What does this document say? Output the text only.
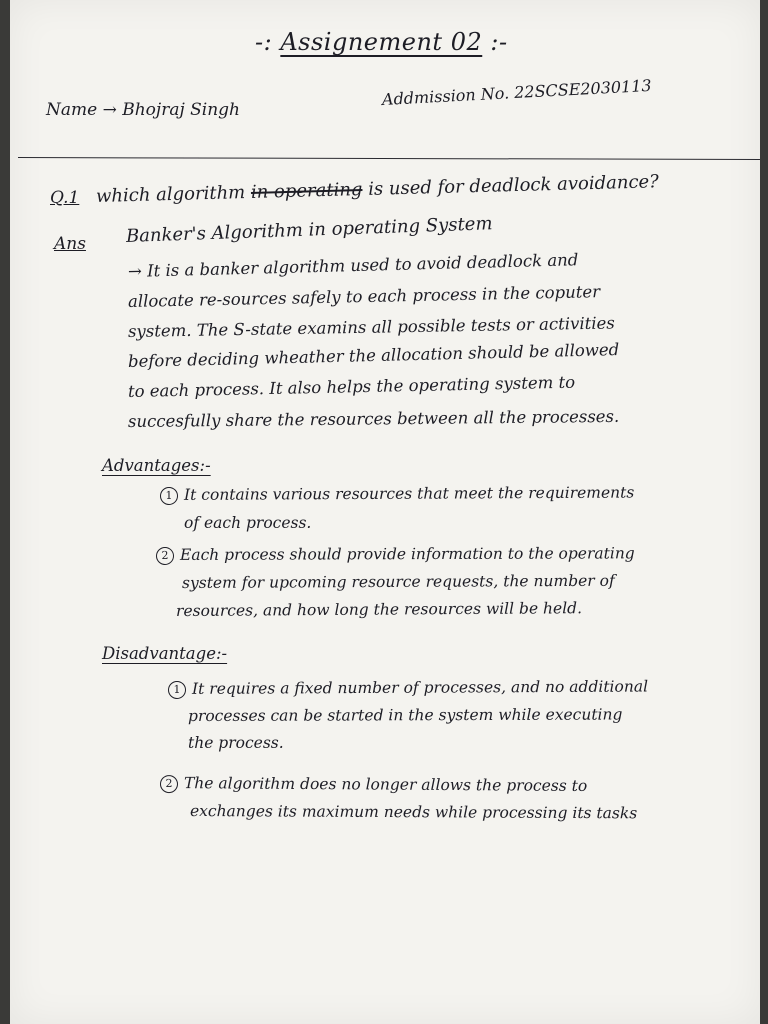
-: Assignement 02 :-
Name → Bhojraj Singh
Addmission No. 22SCSE2030113
Q.1 which algorithm in operating is used for deadlock avoidance?
Ans Banker's Algorithm in operating System
→ It is a banker algorithm used to avoid deadlock and
allocate re-sources safely to each process in the coputer
system. The S-state examins all possible tests or activities
before deciding wheather the allocation should be allowed
to each process. It also helps the operating system to
succesfully share the resources between all the processes.
Advantages:-
1 It contains various resources that meet the requirements
of each process.
2 Each process should provide information to the operating
system for upcoming resource requests, the number of
resources, and how long the resources will be held.
Disadvantage:-
1 It requires a fixed number of processes, and no additional
processes can be started in the system while executing
the process.
2 The algorithm does no longer allows the process to
exchanges its maximum needs while processing its tasks
